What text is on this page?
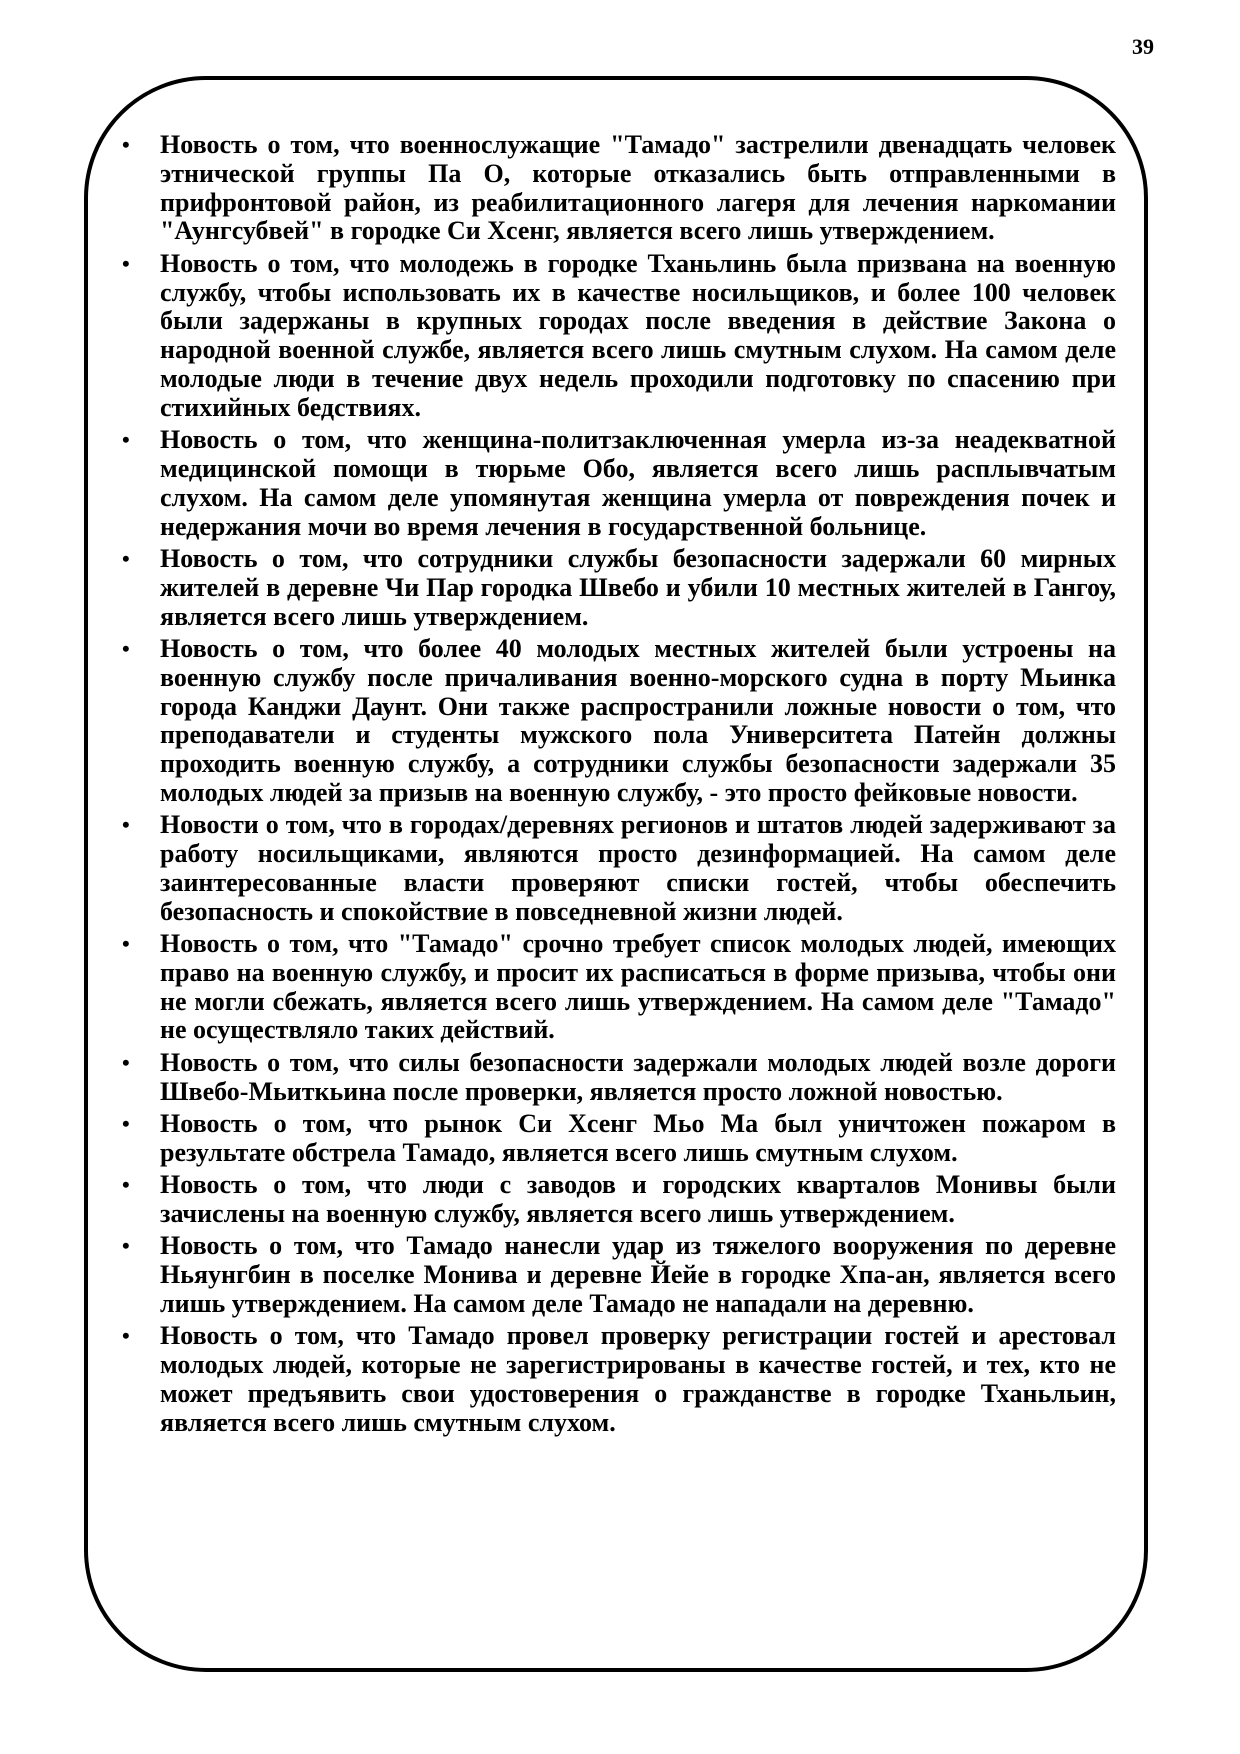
39
• Новость о том, что военнослужащие "Тамадо" застрелили двенадцать человек этнической группы Па О, которые отказались быть отправленными в прифронтовой район, из реабилитационного лагеря для лечения наркомании "Аунгсубвей" в городке Си Хсенг, является всего лишь утверждением.
• Новость о том, что молодежь в городке Тханьлинь была призвана на военную службу, чтобы использовать их в качестве носильщиков, и более 100 человек были задержаны в крупных городах после введения в действие Закона о народной военной службе, является всего лишь смутным слухом. На самом деле молодые люди в течение двух недель проходили подготовку по спасению при стихийных бедствиях.
• Новость о том, что женщина-политзаключенная умерла из-за неадекватной медицинской помощи в тюрьме Обо, является всего лишь расплывчатым слухом. На самом деле упомянутая женщина умерла от повреждения почек и недержания мочи во время лечения в государственной больнице.
• Новость о том, что сотрудники службы безопасности задержали 60 мирных жителей в деревне Чи Пар городка Швебо и убили 10 местных жителей в Гангоу, является всего лишь утверждением.
• Новость о том, что более 40 молодых местных жителей были устроены на военную службу после причаливания военно-морского судна в порту Мьинка города Канджи Даунт. Они также распространили ложные новости о том, что преподаватели и студенты мужского пола Университета Патейн должны проходить военную службу, а сотрудники службы безопасности задержали 35 молодых людей за призыв на военную службу, - это просто фейковые новости.
• Новости о том, что в городах/деревнях регионов и штатов людей задерживают за работу носильщиками, являются просто дезинформацией. На самом деле заинтересованные власти проверяют списки гостей, чтобы обеспечить безопасность и спокойствие в повседневной жизни людей.
• Новость о том, что "Тамадо" срочно требует список молодых людей, имеющих право на военную службу, и просит их расписаться в форме призыва, чтобы они не могли сбежать, является всего лишь утверждением. На самом деле "Тамадо" не осуществляло таких действий.
• Новость о том, что силы безопасности задержали молодых людей возле дороги Швебо-Мьиткьина после проверки, является просто ложной новостью.
• Новость о том, что рынок Си Хсенг Мьо Ма был уничтожен пожаром в результате обстрела Тамадо, является всего лишь смутным слухом.
• Новость о том, что люди с заводов и городских кварталов Монивы были зачислены на военную службу, является всего лишь утверждением.
• Новость о том, что Тамадо нанесли удар из тяжелого вооружения по деревне Ньяунгбин в поселке Монива и деревне Йейе в городке Хпа-ан, является всего лишь утверждением. На самом деле Тамадо не нападали на деревню.
• Новость о том, что Тамадо провел проверку регистрации гостей и арестовал молодых людей, которые не зарегистрированы в качестве гостей, и тех, кто не может предъявить свои удостоверения о гражданстве в городке Тханьльин, является всего лишь смутным слухом.
